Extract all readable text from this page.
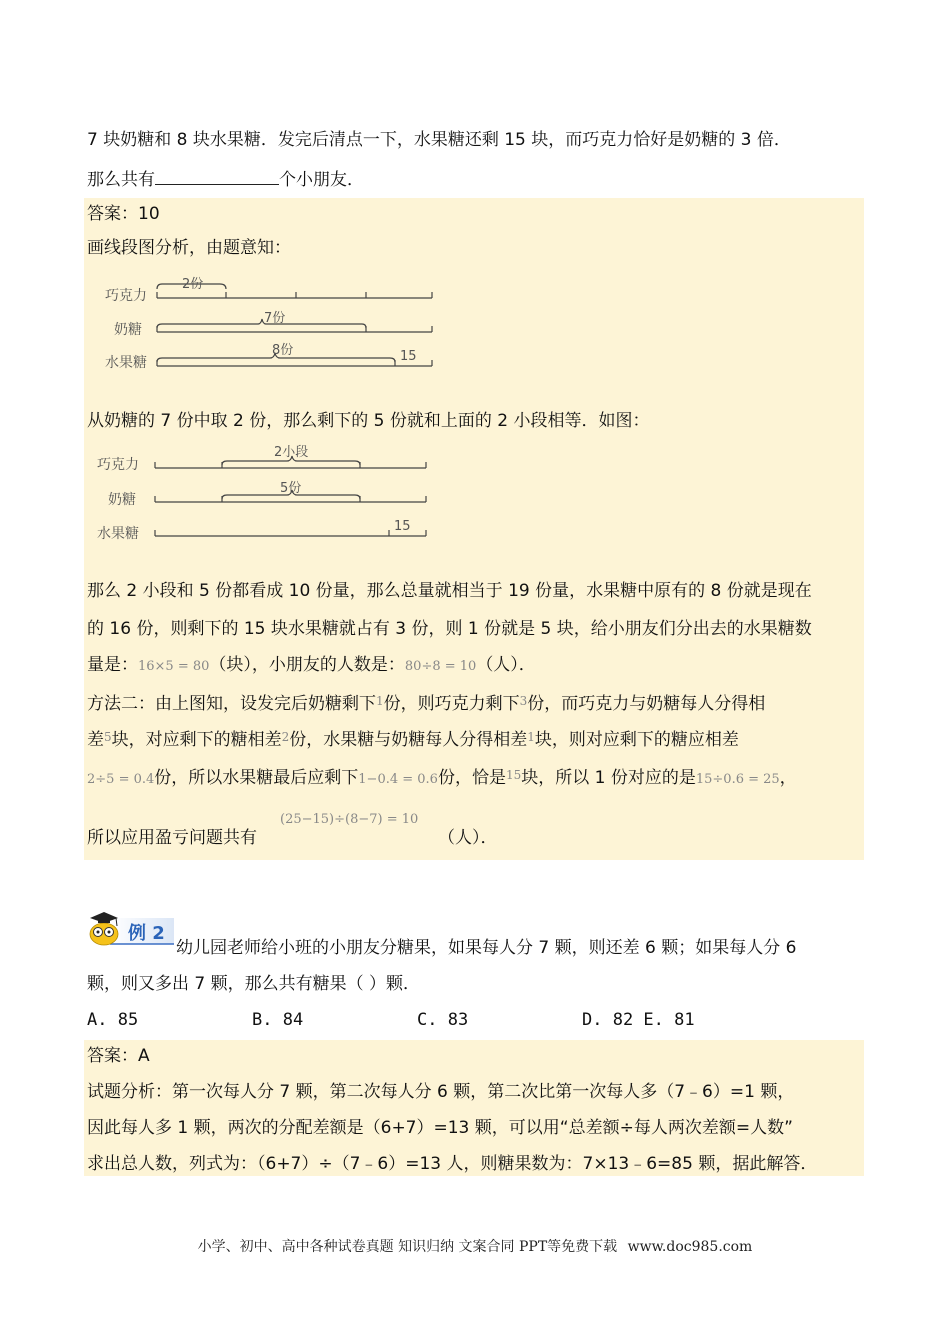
7 块奶糖和 8 块水果糖．发完后清点一下，水果糖还剩 15 块，而巧克力恰好是奶糖的 3 倍．
那么共有	个小朋友．
答案：10
画线段图分析，由题意知：
巧克力
奶糖
水果糖
2份
7份
8份	15
从奶糖的 7 份中取 2 份，那么剩下的 5 份就和上面的 2 小段相等．如图：
巧克力
奶糖
水果糖
2小段
5份
15
那么 2 小段和 5 份都看成 10 份量，那么总量就相当于 19 份量，水果糖中原有的 8 份就是现在
的 16 份，则剩下的 15 块水果糖就占有 3 份，则 1 份就是 5 块，给小朋友们分出去的水果糖数
量是：16×5 = 80（块），小朋友的人数是：80÷8 = 10（人）．
方法二：由上图知，设发完后奶糖剩下$^1$份，则巧克力剩下$^3$份，而巧克力与奶糖每人分得相
差$^5$块，对应剩下的糖相差$^2$份，水果糖与奶糖每人分得相差$^1$块，则对应剩下的糖应相差
2÷5 = 0.4份，所以水果糖最后应剩下1−0.4 = 0.6份，恰是$^{15}$块，所以 1 份对应的是15÷0.6 = 25，
所以应用盈亏问题共有
(25−15)÷(8−7) = 10
（人）．
例 2
幼儿园老师给小班的小朋友分糖果，如果每人分 7 颗，则还差 6 颗；如果每人分 6
颗，则又多出 7 颗，那么共有糖果（ ）颗．
A. 85	B. 84	C. 83	D. 82 E. 81
答案：A
试题分析：第一次每人分 7 颗，第二次每人分 6 颗，第二次比第一次每人多（7﹣6）=1 颗，
因此每人多 1 颗，两次的分配差额是（6+7）=13 颗，可以用“总差额÷每人两次差额=人数”
求出总人数，列式为：（6+7）÷（7﹣6）=13 人，则糖果数为：7×13﹣6=85 颗，据此解答．
小学、初中、高中各种试卷真题 知识归纳 文案合同 PPT等免费下载 www.doc985.com
